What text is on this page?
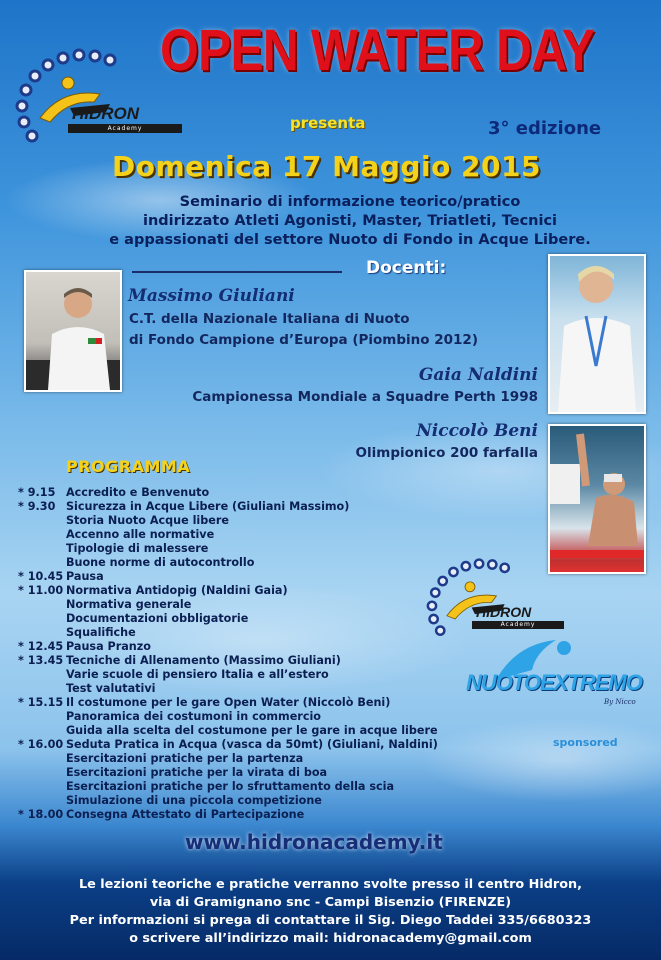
HIDRON
Academy
OPEN WATER DAY
presenta	3° edizione
Domenica 17 Maggio 2015
Seminario di informazione teorico/pratico
indirizzato Atleti Agonisti, Master, Triatleti, Tecnici
e appassionati del settore Nuoto di Fondo in Acque Libere.
Docenti:
Massimo Giuliani
C.T. della Nazionale Italiana di Nuoto
di Fondo Campione d’Europa (Piombino 2012)
Gaia Naldini
Campionessa Mondiale a Squadre Perth 1998
Niccolò Beni
Olimpionico 200 farfalla
PROGRAMMA
* 9.15 Accredito e Benvenuto
* 9.30 Sicurezza in Acque Libere (Giuliani Massimo)
Storia Nuoto Acque libere
Accenno alle normative
Tipologie di malessere
Buone norme di autocontrollo
* 10.45 Pausa
* 11.00 Normativa Antidopig (Naldini Gaia)
Normativa generale
Documentazioni obbligatorie
Squalifiche
* 12.45 Pausa Pranzo
* 13.45 Tecniche di Allenamento (Massimo Giuliani)
Varie scuole di pensiero Italia e all’estero
Test valutativi
* 15.15 Il costumone per le gare Open Water (Niccolò Beni)
Panoramica dei costumoni in commercio
Guida alla scelta del costumone per le gare in acque libere
* 16.00 Seduta Pratica in Acqua (vasca da 50mt) (Giuliani, Naldini)
Esercitazioni pratiche per la partenza
Esercitazioni pratiche per la virata di boa
Esercitazioni pratiche per lo sfruttamento della scia
Simulazione di una piccola competizione
* 18.00 Consegna Attestato di Partecipazione
HIDRON
Academy
NUOTOEXTREMO
By Nicco
sponsored
www.hidronacademy.it
Le lezioni teoriche e pratiche verranno svolte presso il centro Hidron,
via di Gramignano snc - Campi Bisenzio (FIRENZE)
Per informazioni si prega di contattare il Sig. Diego Taddei 335/6680323
o scrivere all’indirizzo mail: hidronacademy@gmail.com
